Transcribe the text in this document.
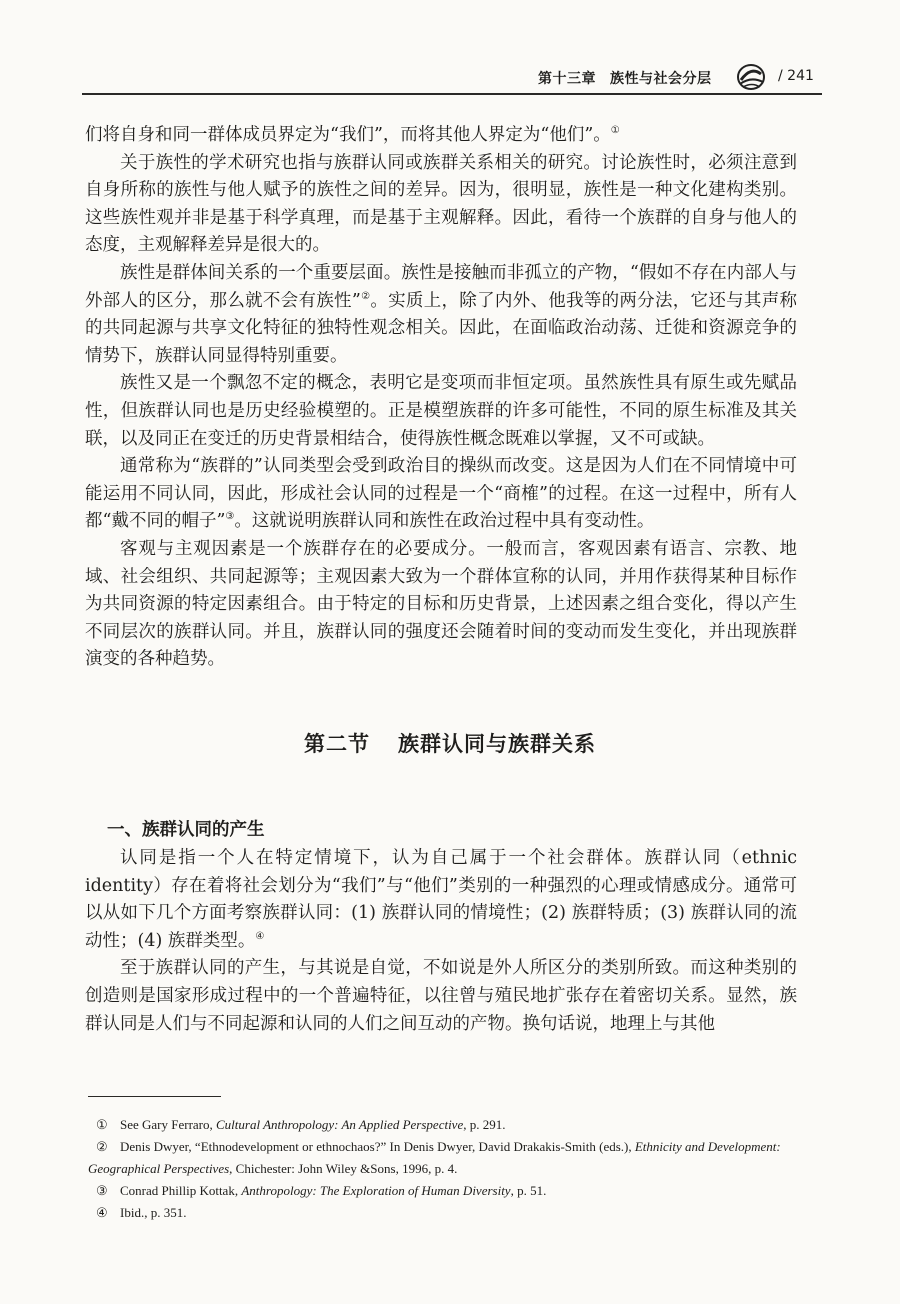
第十三章 族性与社会分层	/ 241

们将自身和同一群体成员界定为“我们”，而将其他人界定为“他们”。①

关于族性的学术研究也指与族群认同或族群关系相关的研究。讨论族性时，必须注意到自身所称的族性与他人赋予的族性之间的差异。因为，很明显，族性是一种文化建构类别。这些族性观并非是基于科学真理，而是基于主观解释。因此，看待一个族群的自身与他人的态度，主观解释差异是很大的。

族性是群体间关系的一个重要层面。族性是接触而非孤立的产物，“假如不存在内部人与外部人的区分，那么就不会有族性”②。实质上，除了内外、他我等的两分法，它还与其声称的共同起源与共享文化特征的独特性观念相关。因此，在面临政治动荡、迁徙和资源竞争的情势下，族群认同显得特别重要。

族性又是一个飘忽不定的概念，表明它是变项而非恒定项。虽然族性具有原生或先赋品性，但族群认同也是历史经验模塑的。正是模塑族群的许多可能性，不同的原生标准及其关联，以及同正在变迁的历史背景相结合，使得族性概念既难以掌握，又不可或缺。

通常称为“族群的”认同类型会受到政治目的操纵而改变。这是因为人们在不同情境中可能运用不同认同，因此，形成社会认同的过程是一个“商榷”的过程。在这一过程中，所有人都“戴不同的帽子”③。这就说明族群认同和族性在政治过程中具有变动性。

客观与主观因素是一个族群存在的必要成分。一般而言，客观因素有语言、宗教、地域、社会组织、共同起源等；主观因素大致为一个群体宣称的认同，并用作获得某种目标作为共同资源的特定因素组合。由于特定的目标和历史背景，上述因素之组合变化，得以产生不同层次的族群认同。并且，族群认同的强度还会随着时间的变动而发生变化，并出现族群演变的各种趋势。

第二节 族群认同与族群关系
一、族群认同的产生

认同是指一个人在特定情境下，认为自己属于一个社会群体。族群认同（ethnic identity）存在着将社会划分为“我们”与“他们”类别的一种强烈的心理或情感成分。通常可以从如下几个方面考察族群认同：(1) 族群认同的情境性；(2) 族群特质；(3) 族群认同的流动性；(4) 族群类型。④

至于族群认同的产生，与其说是自觉，不如说是外人所区分的类别所致。而这种类别的创造则是国家形成过程中的一个普遍特征，以往曾与殖民地扩张存在着密切关系。显然，族群认同是人们与不同起源和认同的人们之间互动的产物。换句话说，地理上与其他

① See Gary Ferraro, Cultural Anthropology: An Applied Perspective, p. 291.

② Denis Dwyer, “Ethnodevelopment or ethnochaos?” In Denis Dwyer, David Drakakis-Smith (eds.), Ethnicity and Development: Geographical Perspectives, Chichester: John Wiley &Sons, 1996, p. 4.

③ Conrad Phillip Kottak, Anthropology: The Exploration of Human Diversity, p. 51.

④ Ibid., p. 351.
